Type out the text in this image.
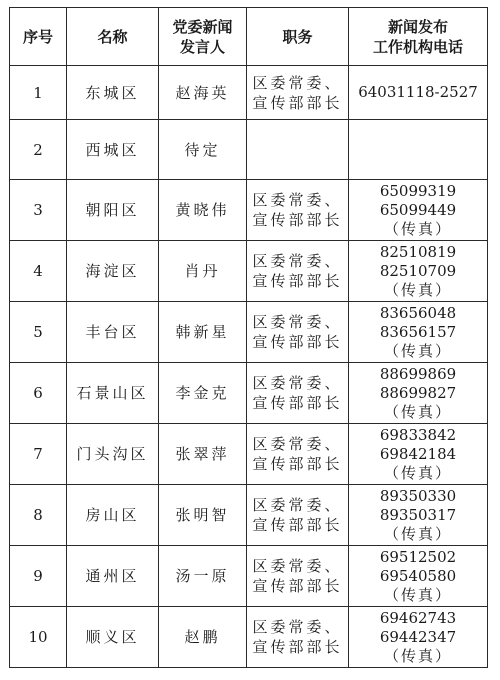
序号	名称	党委新闻
发言人	职务	新闻发布
工作机构电话

1	东城区	赵海英	区委常委、
宣传部部长	64031118-2527

2	西城区	待定		
3	朝阳区	黄晓伟	区委常委、
宣传部部长	65099319
65099449
（传真）

4	海淀区	肖丹	区委常委、
宣传部部长	82510819
82510709
（传真）

5	丰台区	韩新星	区委常委、
宣传部部长	83656048
83656157
（传真）

6	石景山区	李金克	区委常委、
宣传部部长	88699869
88699827
（传真）

7	门头沟区	张翠萍	区委常委、
宣传部部长	69833842
69842184
（传真）

8	房山区	张明智	区委常委、
宣传部部长	89350330
89350317
（传真）

9	通州区	汤一原	区委常委、
宣传部部长	69512502
69540580
（传真）

10	顺义区	赵鹏	区委常委、
宣传部部长	69462743
69442347
（传真）
